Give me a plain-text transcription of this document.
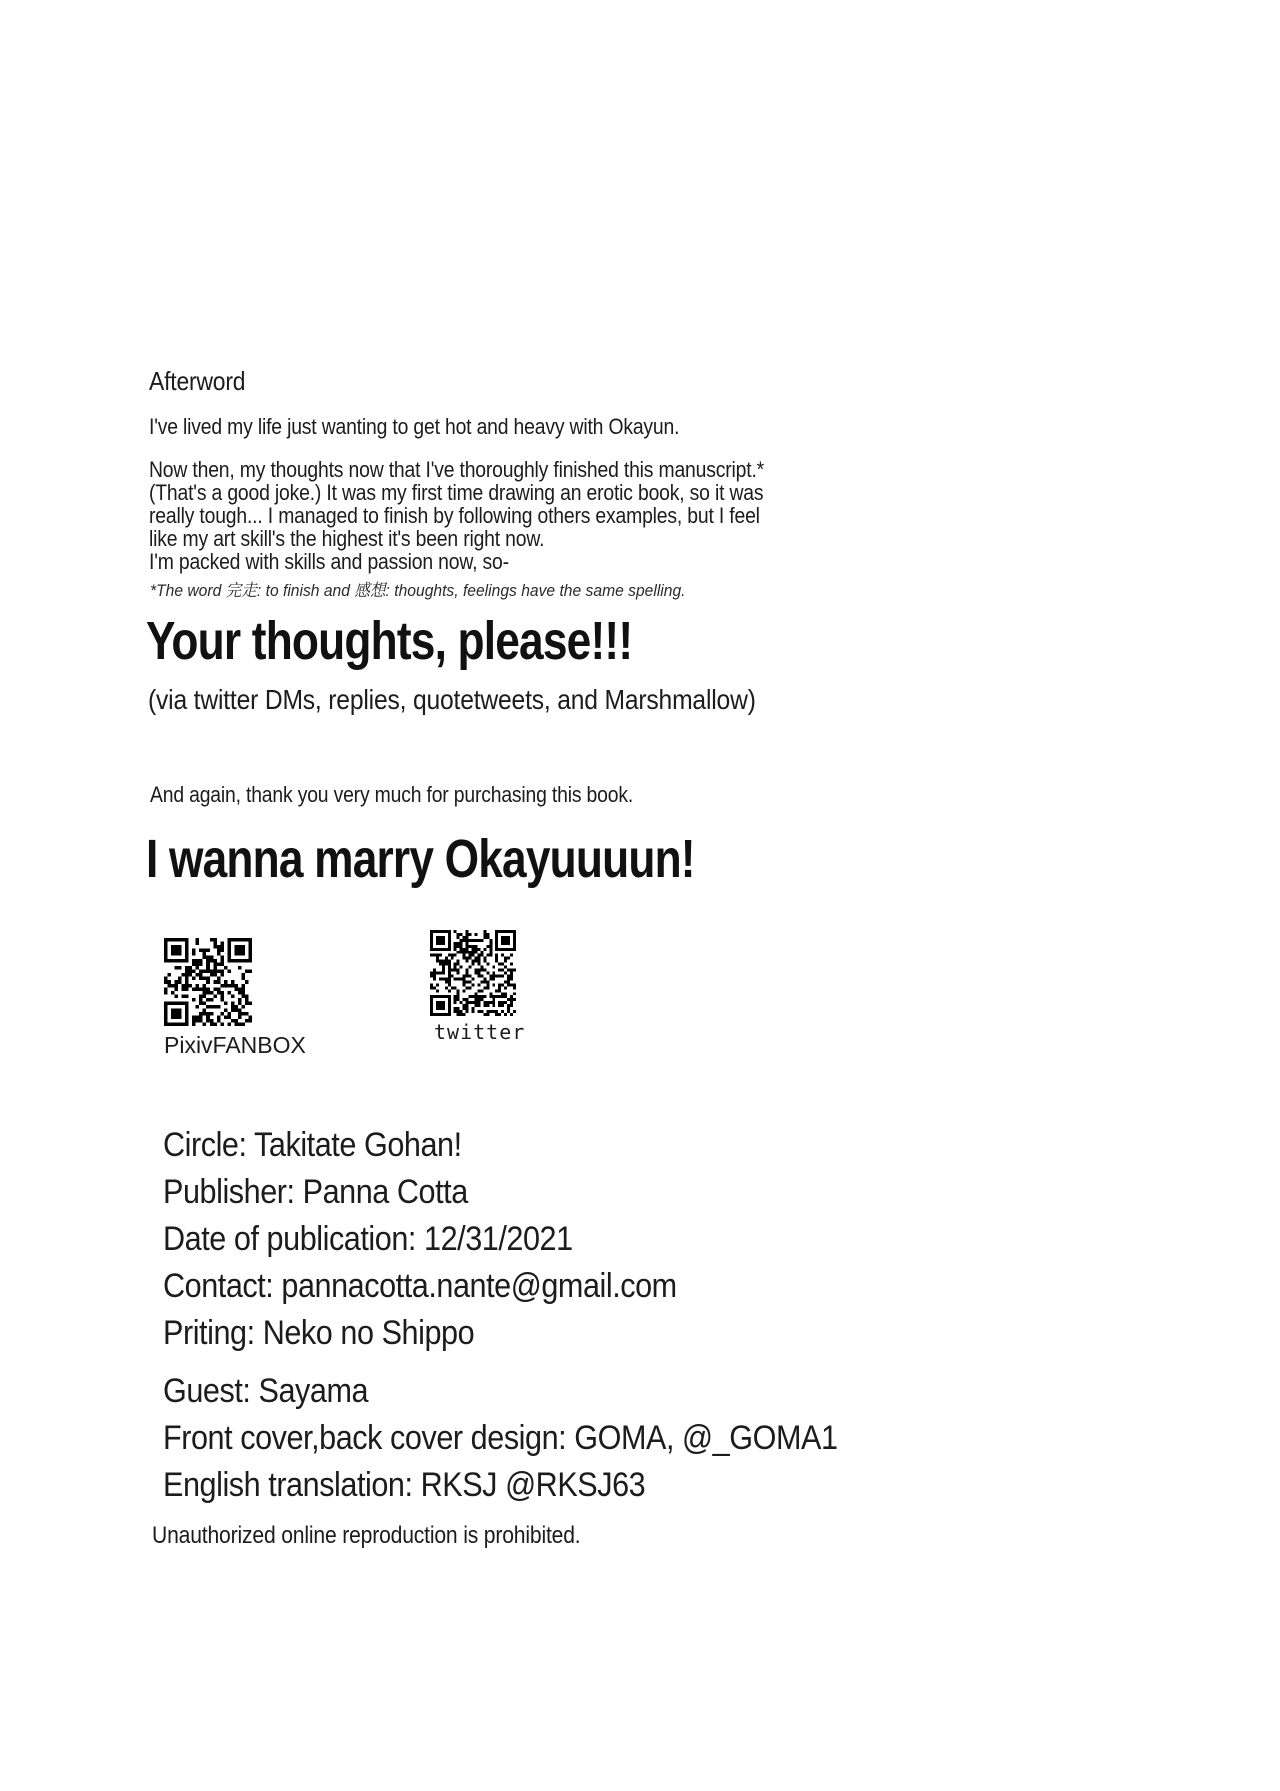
Afterword
I've lived my life just wanting to get hot and heavy with Okayun.
Now then, my thoughts now that I've thoroughly finished this manuscript.*
(That's a good joke.) It was my first time drawing an erotic book, so it was
really tough... I managed to finish by following others examples, but I feel
like my art skill's the highest it's been right now.
I'm packed with skills and passion now, so-
*The word 完走: to finish and 感想: thoughts, feelings have the same spelling.
Your thoughts, please!!!
(via twitter DMs, replies, quotetweets, and Marshmallow)
And again, thank you very much for purchasing this book.
I wanna marry Okayuuuun!
PixivFANBOX	twitter
Circle: Takitate Gohan!
Publisher: Panna Cotta
Date of publication: 12/31/2021
Contact: pannacotta.nante@gmail.com
Priting: Neko no Shippo
Guest: Sayama
Front cover,back cover design: GOMA, @_GOMA1
English translation: RKSJ @RKSJ63
Unauthorized online reproduction is prohibited.
